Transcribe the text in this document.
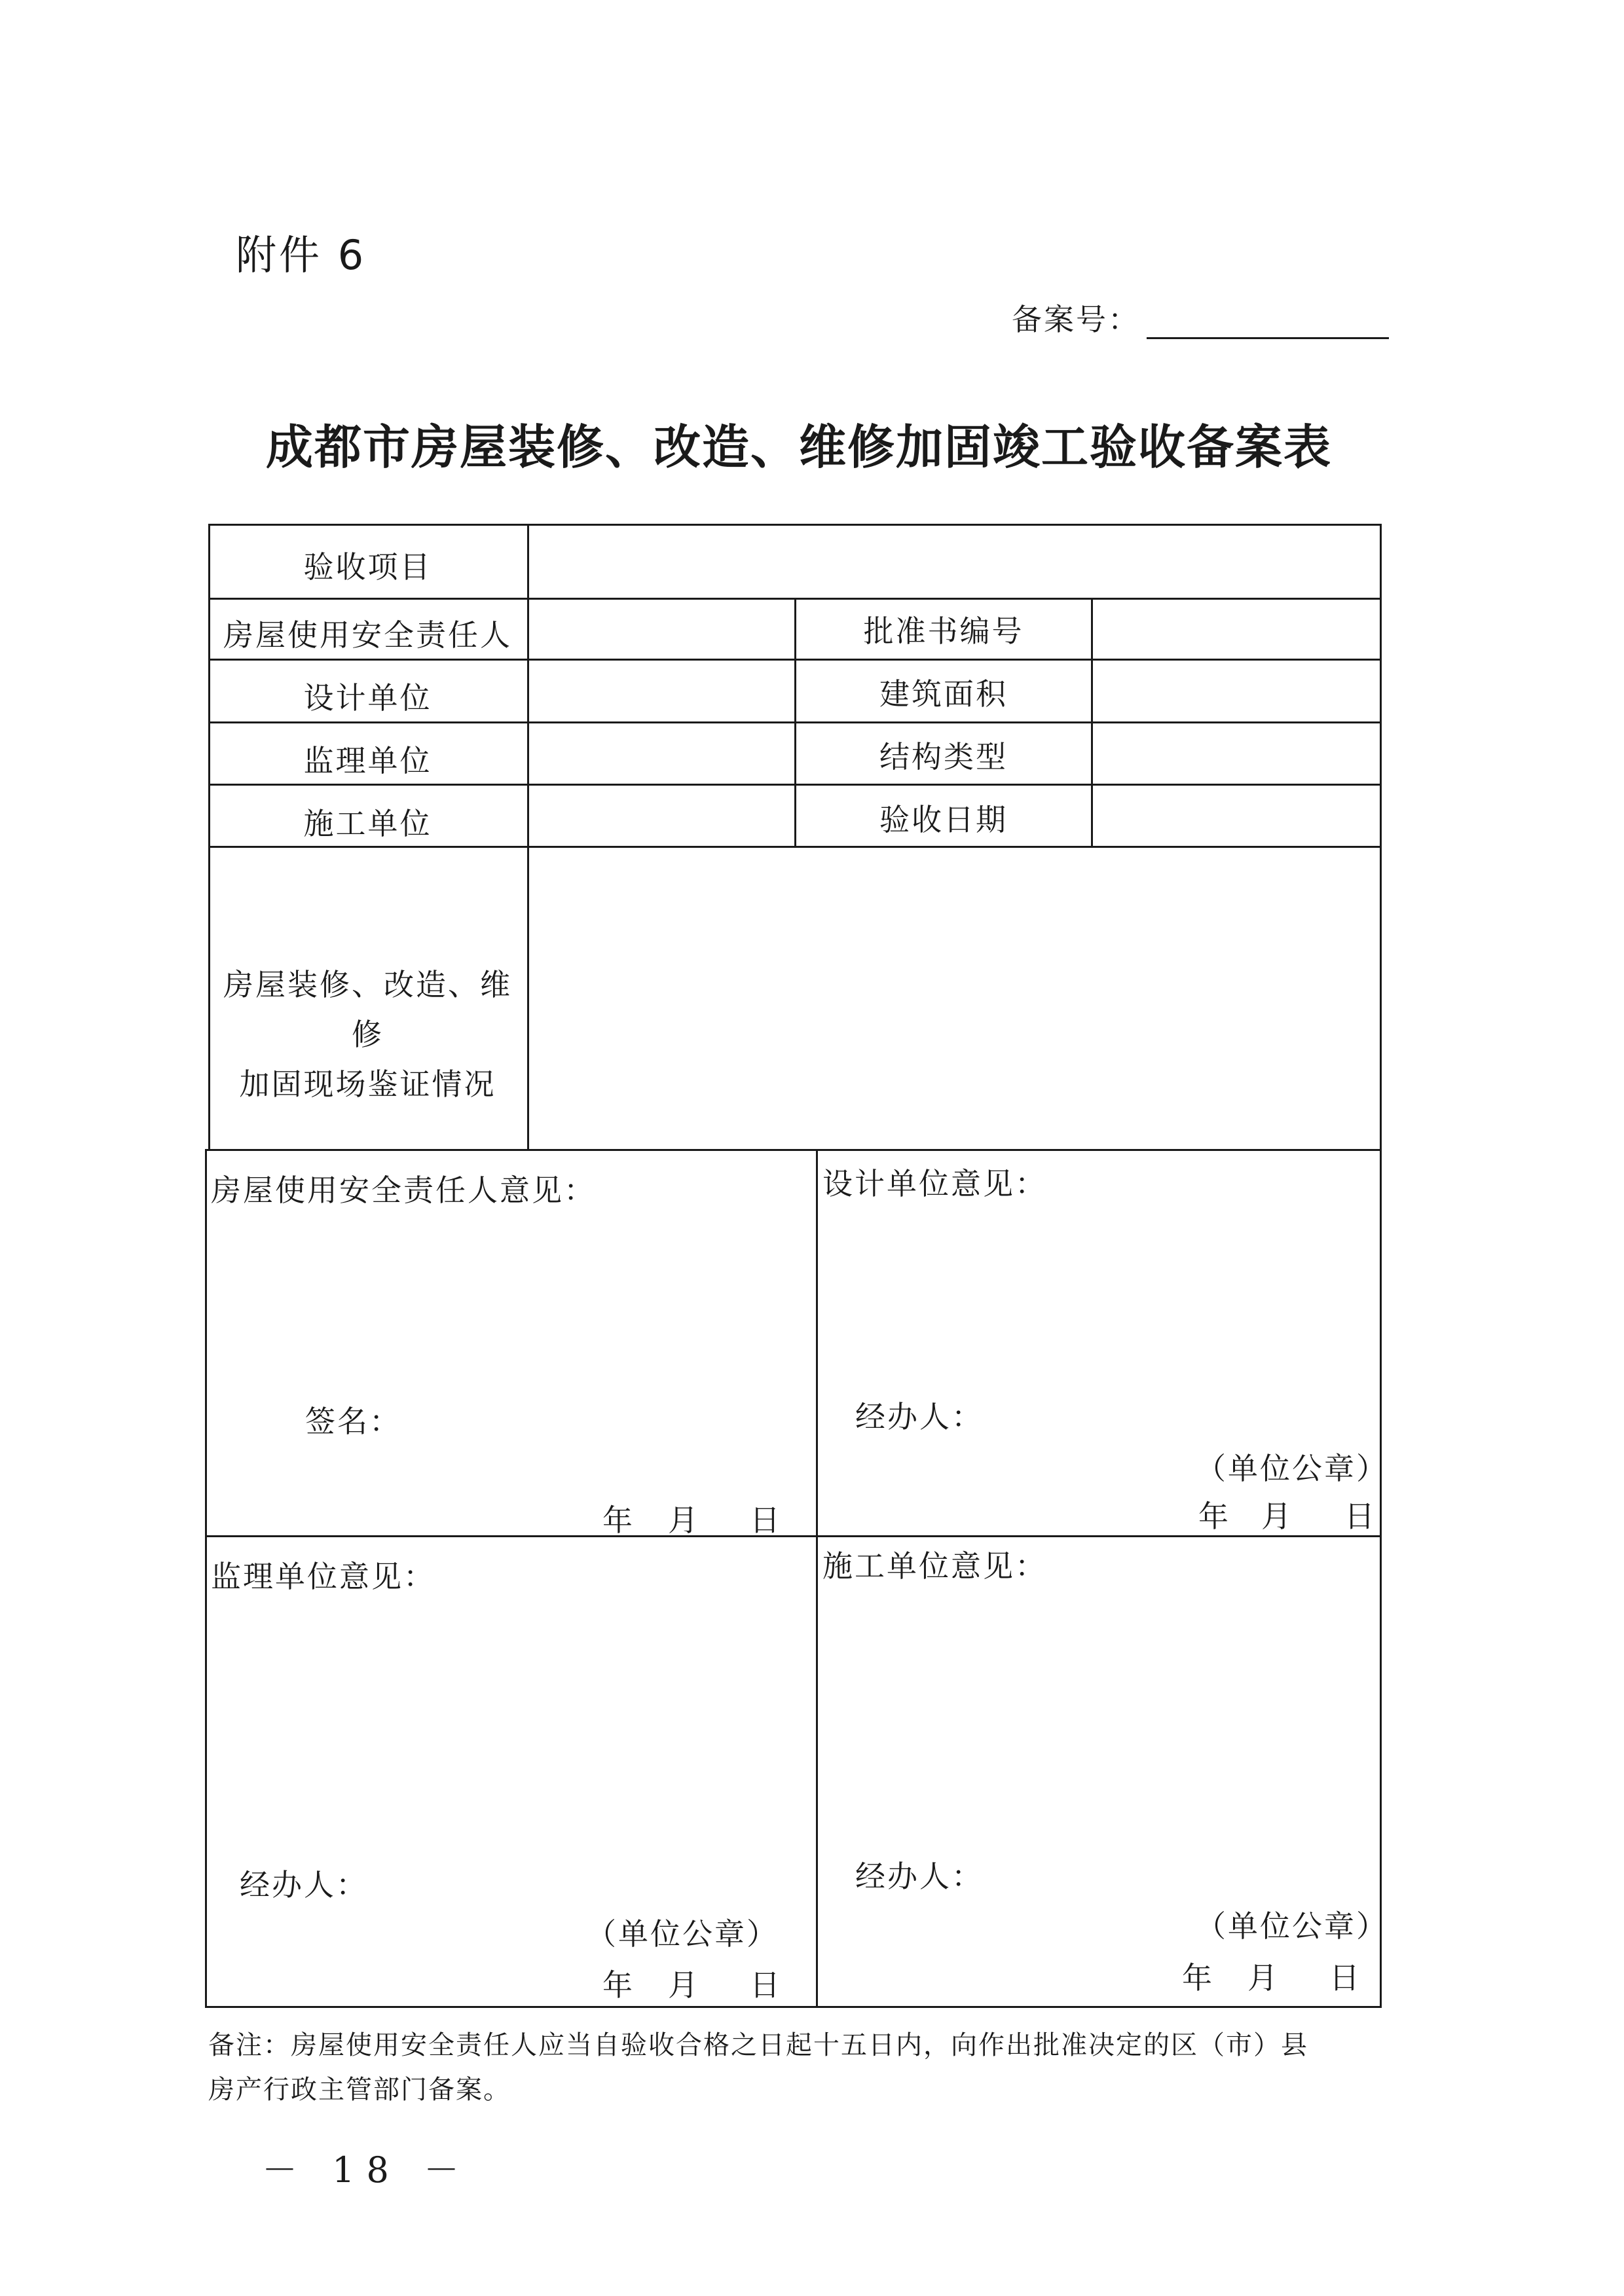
附件 6
备案号：
成都市房屋装修、改造、维修加固竣工验收备案表
验收项目
房屋使用安全责任人	批准书编号
设计单位	建筑面积
监理单位	结构类型
施工单位	验收日期
房屋装修、改造、维修
加固现场鉴证情况
房屋使用安全责任人意见：
签名：
年 月 日
设计单位意见：
经办人：
（单位公章）
年 月 日
监理单位意见：
经办人：
（单位公章）
年 月 日
施工单位意见：
经办人：
（单位公章）
年 月 日
备注：房屋使用安全责任人应当自验收合格之日起十五日内，向作出批准决定的区（市）县
房产行政主管部门备案。
－ 18 －
